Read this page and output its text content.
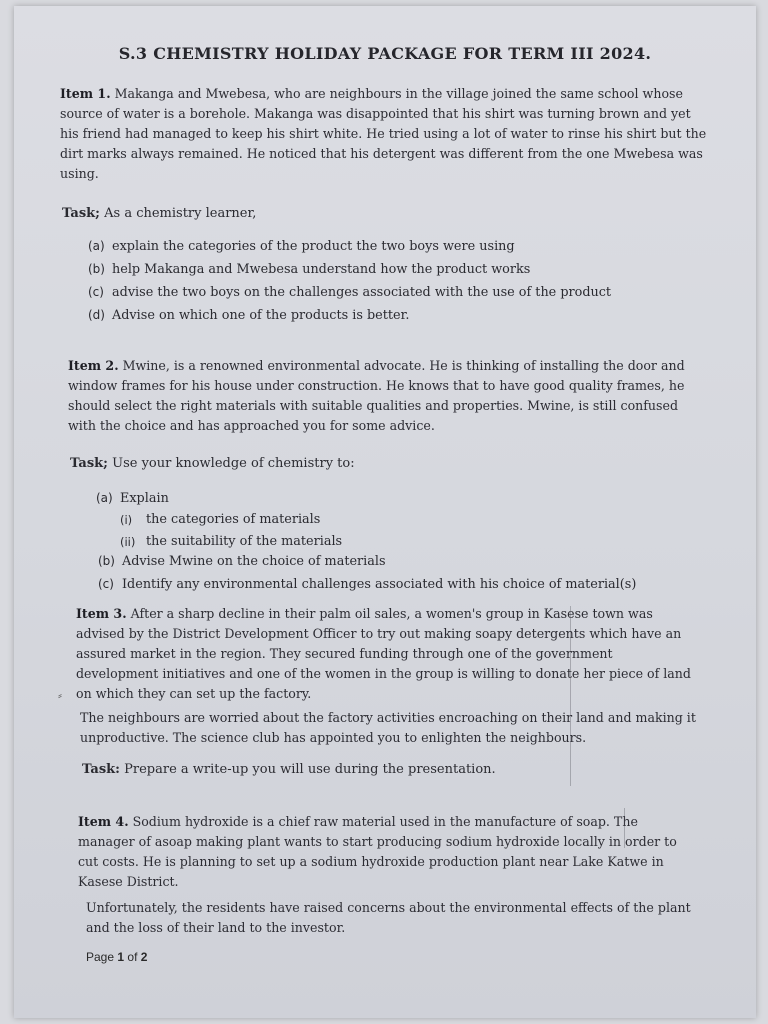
S.3 CHEMISTRY HOLIDAY PACKAGE FOR TERM III 2024.
Item 1. Makanga and Mwebesa, who are neighbours in the village joined the same school whose source of water is a borehole. Makanga was disappointed that his shirt was turning brown and yet his friend had managed to keep his shirt white. He tried using a lot of water to rinse his shirt but the dirt marks always remained. He noticed that his detergent was different from the one Mwebesa was using.
Task; As a chemistry learner,
(a) explain the categories of the product the two boys were using
(b) help Makanga and Mwebesa understand how the product works
(c) advise the two boys on the challenges associated with the use of the product
(d) Advise on which one of the products is better.
Item 2. Mwine, is a renowned environmental advocate. He is thinking of installing the door and window frames for his house under construction. He knows that to have good quality frames, he should select the right materials with suitable qualities and properties. Mwine, is still confused with the choice and has approached you for some advice.
Task; Use your knowledge of chemistry to:
(a) Explain
(i)	the categories of materials
(ii) the suitability of the materials
(b) Advise Mwine on the choice of materials
(c) Identify any environmental challenges associated with his choice of material(s)
Item 3. After a sharp decline in their palm oil sales, a women's group in Kasese town was advised by the District Development Officer to try out making soapy detergents which have an assured market in the region. They secured funding through one of the government development initiatives and one of the women in the group is willing to donate her piece of land on which they can set up the factory.
⸗
The neighbours are worried about the factory activities encroaching on their land and making it unproductive. The science club has appointed you to enlighten the neighbours.
Task: Prepare a write-up you will use during the presentation.
Item 4. Sodium hydroxide is a chief raw material used in the manufacture of soap. The manager of asoap making plant wants to start producing sodium hydroxide locally in order to cut costs. He is planning to set up a sodium hydroxide production plant near Lake Katwe in Kasese District.
Unfortunately, the residents have raised concerns about the environmental effects of the plant and the loss of their land to the investor.
Page 1 of 2
